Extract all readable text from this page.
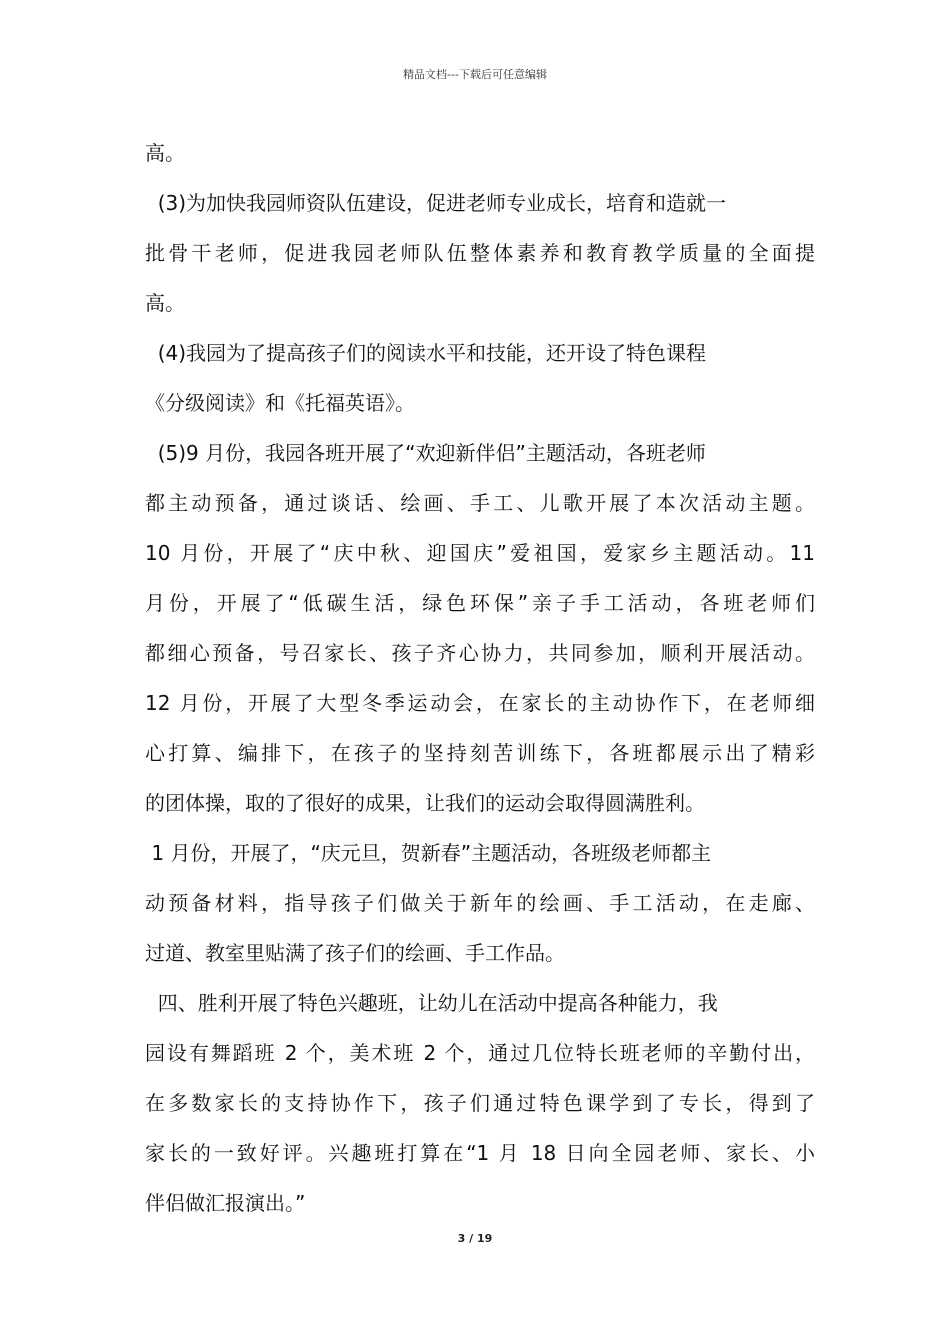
精品文档---下载后可任意编辑
高。
(3)为加快我园师资队伍建设，促进老师专业成长，培育和造就一
批骨干老师，促进我园老师队伍整体素养和教育教学质量的全面提
高。
(4)我园为了提高孩子们的阅读水平和技能，还开设了特色课程
《分级阅读》和《托福英语》。
(5)9 月份，我园各班开展了“欢迎新伴侣”主题活动，各班老师
都主动预备，通过谈话、绘画、手工、儿歌开展了本次活动主题。
10 月份，开展了“庆中秋、迎国庆”爱祖国，爱家乡主题活动。11
月份，开展了“低碳生活，绿色环保”亲子手工活动，各班老师们
都细心预备，号召家长、孩子齐心协力，共同参加，顺利开展活动。
12 月份，开展了大型冬季运动会，在家长的主动协作下，在老师细
心打算、编排下，在孩子的坚持刻苦训练下，各班都展示出了精彩
的团体操，取的了很好的成果，让我们的运动会取得圆满胜利。
1 月份，开展了，“庆元旦，贺新春”主题活动，各班级老师都主
动预备材料，指导孩子们做关于新年的绘画、手工活动，在走廊、
过道、教室里贴满了孩子们的绘画、手工作品。
四、胜利开展了特色兴趣班，让幼儿在活动中提高各种能力，我
园设有舞蹈班 2 个，美术班 2 个，通过几位特长班老师的辛勤付出，
在多数家长的支持协作下，孩子们通过特色课学到了专长，得到了
家长的一致好评。兴趣班打算在“1 月 18 日向全园老师、家长、小
伴侣做汇报演出。”
3 / 19
